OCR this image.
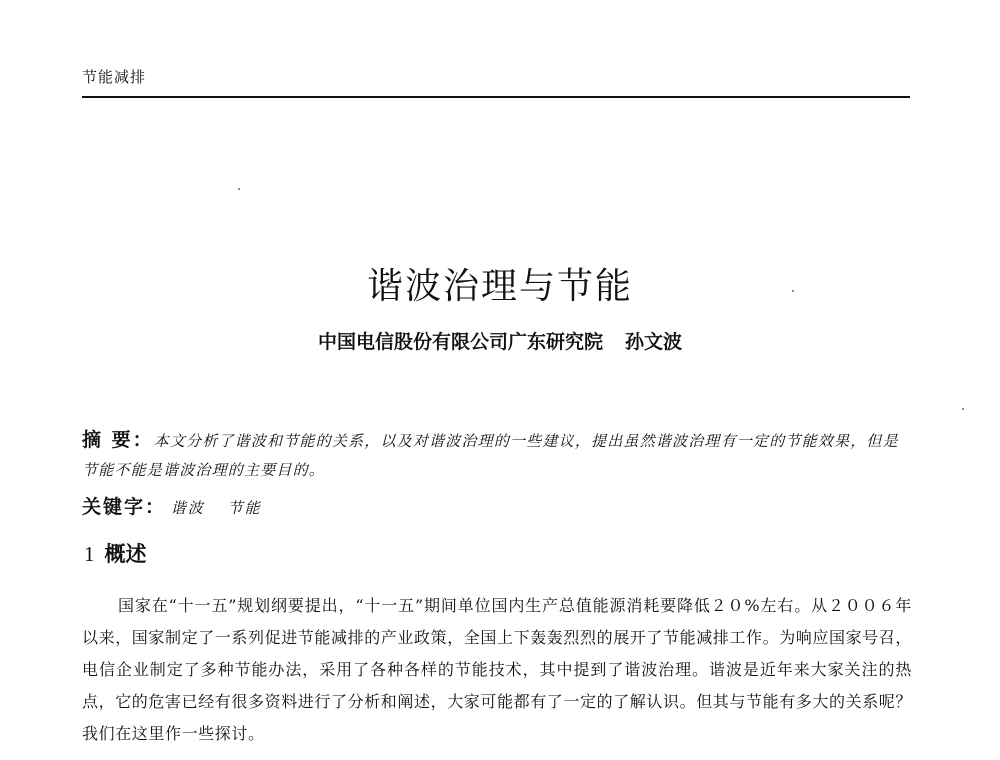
节能减排
谐波治理与节能
中国电信股份有限公司广东研究院 孙文波
摘 要：本文分析了谐波和节能的关系，以及对谐波治理的一些建议，提出虽然谐波治理有一定的节能效果，但是节能不能是谐波治理的主要目的。
关键字： 谐波 节能
1 概述
国家在“十一五”规划纲要提出，“十一五”期间单位国内生产总值能源消耗要降低２０%左右。从２００６年以来，国家制定了一系列促进节能减排的产业政策，全国上下轰轰烈烈的展开了节能减排工作。为响应国家号召，电信企业制定了多种节能办法，采用了各种各样的节能技术，其中提到了谐波治理。谐波是近年来大家关注的热点，它的危害已经有很多资料进行了分析和阐述，大家可能都有了一定的了解认识。但其与节能有多大的关系呢？我们在这里作一些探讨。
